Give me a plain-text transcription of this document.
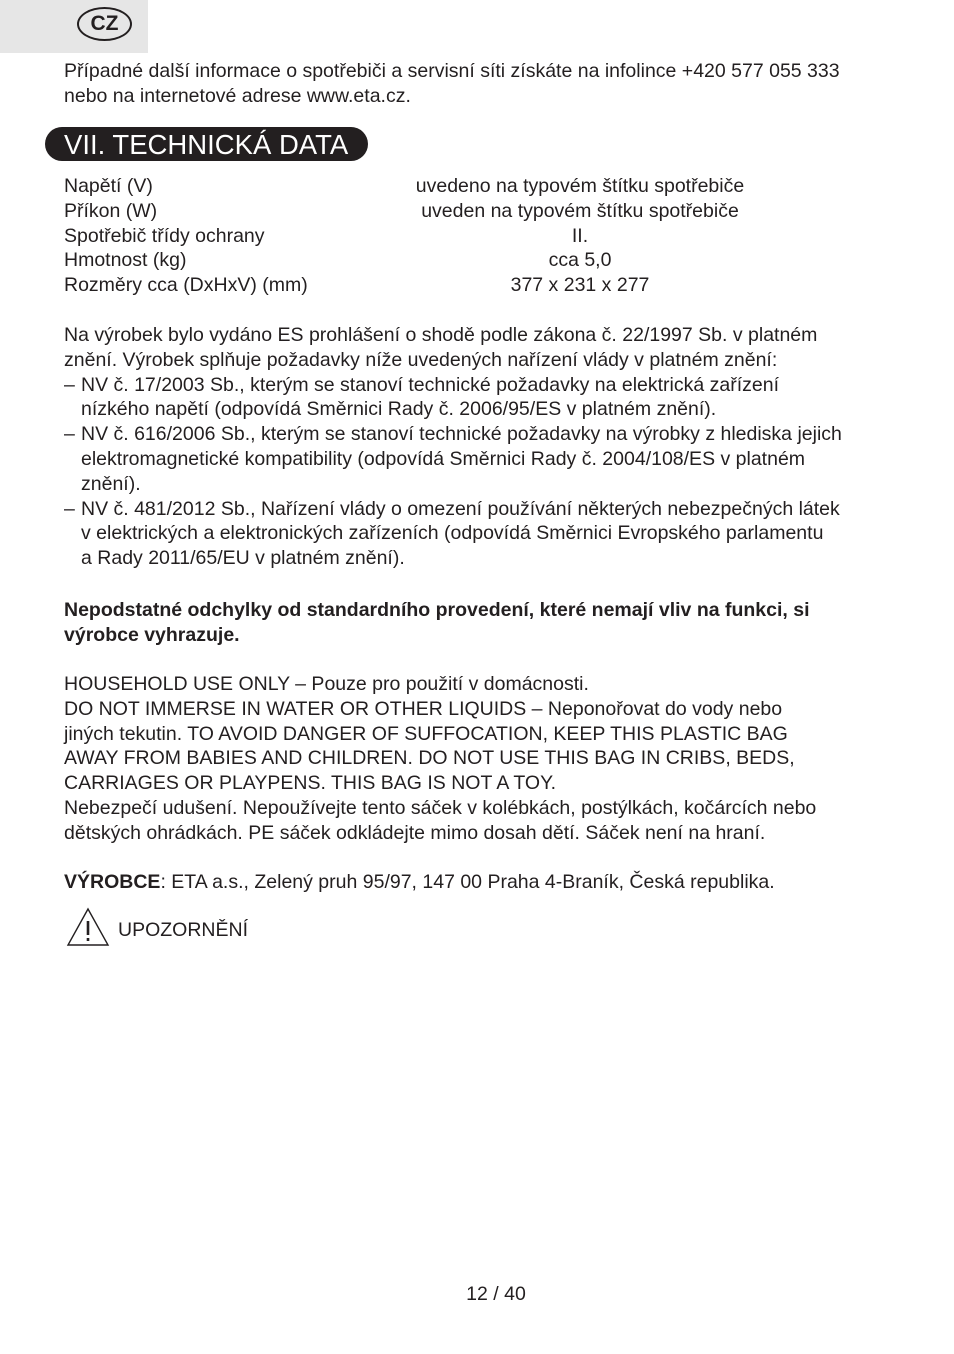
CZ

Případné další informace o spotřebiči a servisní síti získáte na infolince +420 577 055 333

nebo na internetové adrese www.eta.cz.

VII. TECHNICKÁ DATA
Napětí (V)	uvedeno na typovém štítku spotřebiče
Příkon (W)	uveden na typovém štítku spotřebiče
Spotřebič třídy ochrany	II.
Hmotnost (kg)	cca 5,0
Rozměry cca (DxHxV) (mm)	377 x 231 x 277

Na výrobek bylo vydáno ES prohlášení o shodě podle zákona č. 22/1997 Sb. v platném

znění. Výrobek splňuje požadavky níže uvedených nařízení vlády v platném znění:

– NV č. 17/2003 Sb., kterým se stanoví technické požadavky na elektrická zařízení

nízkého napětí (odpovídá Směrnici Rady č. 2006/95/ES v platném znění).

– NV č. 616/2006 Sb., kterým se stanoví technické požadavky na výrobky z hlediska jejich

elektromagnetické kompatibility (odpovídá Směrnici Rady č. 2004/108/ES v platném

znění).

– NV č. 481/2012 Sb., Nařízení vlády o omezení používání některých nebezpečných látek

v elektrických a elektronických zařízeních (odpovídá Směrnici Evropského parlamentu

a Rady 2011/65/EU v platném znění).

Nepodstatné odchylky od standardního provedení, které nemají vliv na funkci, si

výrobce vyhrazuje.

HOUSEHOLD USE ONLY – Pouze pro použití v domácnosti.

DO NOT IMMERSE IN WATER OR OTHER LIQUIDS – Neponořovat do vody nebo

jiných tekutin. TO AVOID DANGER OF SUFFOCATION, KEEP THIS PLASTIC BAG

AWAY FROM BABIES AND CHILDREN. DO NOT USE THIS BAG IN CRIBS, BEDS,

CARRIAGES OR PLAYPENS. THIS BAG IS NOT A TOY.

Nebezpečí udušení. Nepoužívejte tento sáček v kolébkách, postýlkách, kočárcích nebo

dětských ohrádkách. PE sáček odkládejte mimo dosah dětí. Sáček není na hraní.

VÝROBCE: ETA a.s., Zelený pruh 95/97, 147 00 Praha 4-Braník, Česká republika.

UPOZORNĚNÍ
12 / 40
